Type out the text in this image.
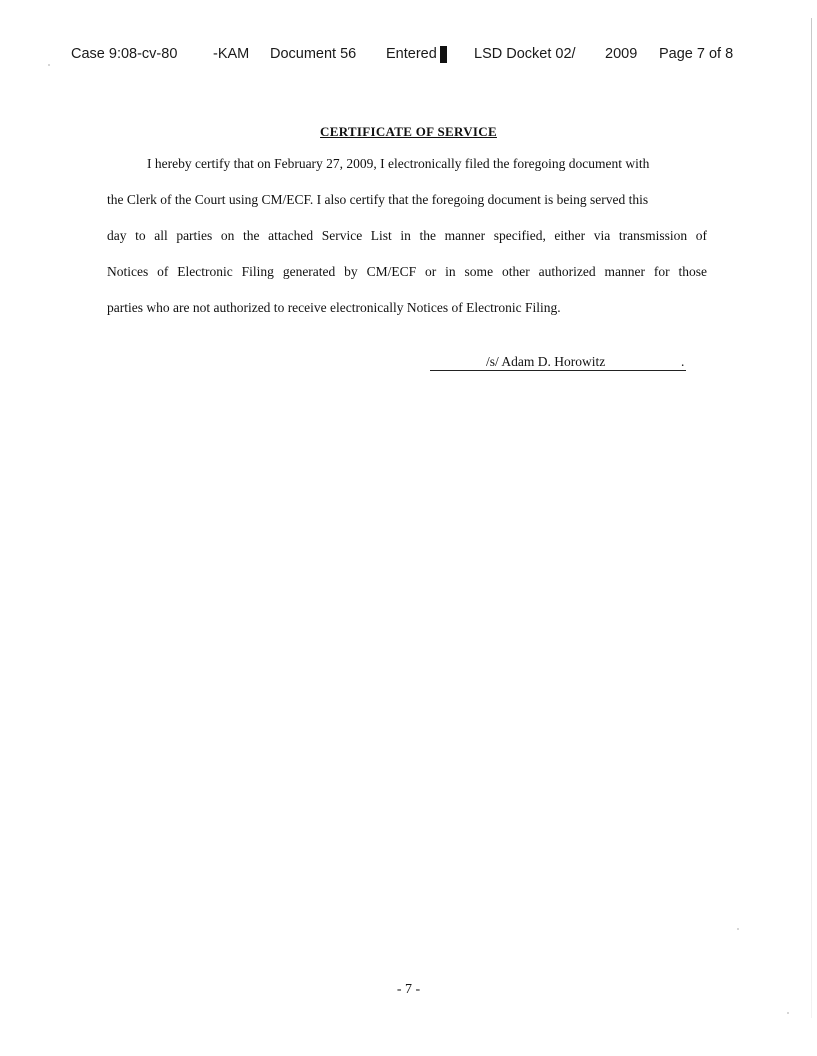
Case 9:08-cv-80 -KAM Document 56 Entered	LSD Docket 02/ 2009 Page 7 of 8
CERTIFICATE OF SERVICE
I hereby certify that on February 27, 2009, I electronically filed the foregoing document with
the Clerk of the Court using CM/ECF. I also certify that the foregoing document is being served this
day to all parties on the attached Service List in the manner specified, either via transmission of
Notices of Electronic Filing generated by CM/ECF or in some other authorized manner for those
parties who are not authorized to receive electronically Notices of Electronic Filing.
/s/ Adam D. Horowitz	.
- 7 -
